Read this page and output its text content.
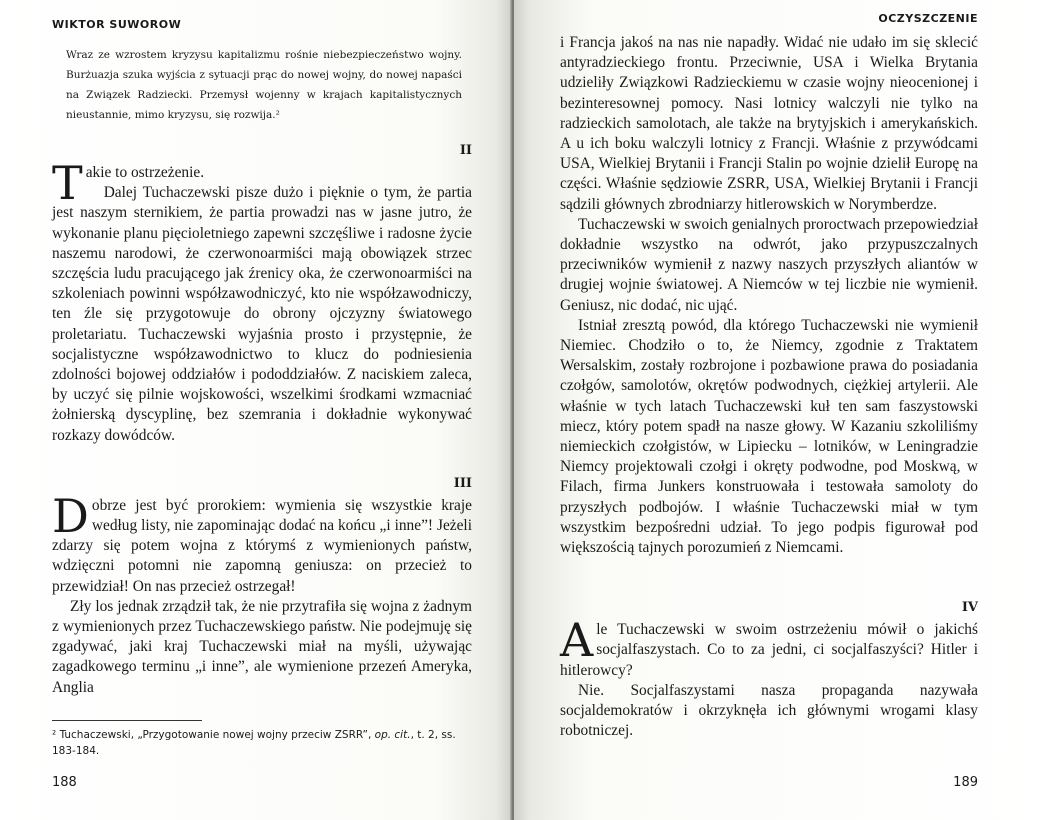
WIKTOR SUWOROW

Wraz ze wzrostem kryzysu kapitalizmu rośnie niebezpieczeństwo wojny. Burżuazja szuka wyjścia z sytuacji prąc do nowej wojny, do nowej napaści na Związek Radziecki. Przemysł wojenny w krajach kapitalistycznych nieustannie, mimo kryzysu, się rozwija.²

II

Takie to ostrzeżenie.

Dalej Tuchaczewski pisze dużo i pięknie o tym, że partia jest naszym sternikiem, że partia prowadzi nas w jasne jutro, że wykonanie planu pięcioletniego zapewni szczęśliwe i radosne życie naszemu narodowi, że czerwonoarmiści mają obowiązek strzec szczęścia ludu pracującego jak źrenicy oka, że czerwonoarmiści na szkoleniach powinni współzawodniczyć, kto nie współzawodniczy, ten źle się przygotowuje do obrony ojczyzny światowego proletariatu. Tuchaczewski wyjaśnia prosto i przystępnie, że socjalistyczne współzawodnictwo to klucz do podniesienia zdolności bojowej oddziałów i pododdziałów. Z naciskiem zaleca, by uczyć się pilnie wojskowości, wszelkimi środkami wzmacniać żołnierską dyscyplinę, bez szemrania i dokładnie wykonywać rozkazy dowódców.

III

Dobrze jest być prorokiem: wymienia się wszystkie kraje według listy, nie zapominając dodać na końcu „i inne”! Jeżeli zdarzy się potem wojna z którymś z wymienionych państw, wdzięczni potomni nie zapomną geniusza: on przecież to przewidział! On nas przecież ostrzegał!

Zły los jednak zrządził tak, że nie przytrafiła się wojna z żadnym z wymienionych przez Tuchaczewskiego państw. Nie podejmuję się zgadywać, jaki kraj Tuchaczewski miał na myśli, używając zagadkowego terminu „i inne”, ale wymienione przezeń Ameryka, Anglia

² Tuchaczewski, „Przygotowanie nowej wojny przeciw ZSRR”, op. cit., t. 2, ss. 183-184.

188
OCZYSZCZENIE

i Francja jakoś na nas nie napadły. Widać nie udało im się sklecić antyradzieckiego frontu. Przeciwnie, USA i Wielka Brytania udzieliły Związkowi Radzieckiemu w czasie wojny nieocenionej i bezinteresownej pomocy. Nasi lotnicy walczyli nie tylko na radzieckich samolotach, ale także na brytyjskich i amerykańskich. A u ich boku walczyli lotnicy z Francji. Właśnie z przywódcami USA, Wielkiej Brytanii i Francji Stalin po wojnie dzielił Europę na części. Właśnie sędziowie ZSRR, USA, Wielkiej Brytanii i Francji sądzili głównych zbrodniarzy hitlerowskich w Norymberdze.

Tuchaczewski w swoich genialnych proroctwach przepowiedział dokładnie wszystko na odwrót, jako przypuszczalnych przeciwników wymienił z nazwy naszych przyszłych aliantów w drugiej wojnie światowej. A Niemców w tej liczbie nie wymienił. Geniusz, nic dodać, nic ująć.

Istniał zresztą powód, dla którego Tuchaczewski nie wymienił Niemiec. Chodziło o to, że Niemcy, zgodnie z Traktatem Wersalskim, zostały rozbrojone i pozbawione prawa do posiadania czołgów, samolotów, okrętów podwodnych, ciężkiej artylerii. Ale właśnie w tych latach Tuchaczewski kuł ten sam faszystowski miecz, który potem spadł na nasze głowy. W Kazaniu szkoliliśmy niemieckich czołgistów, w Lipiecku – lotników, w Leningradzie Niemcy projektowali czołgi i okręty podwodne, pod Moskwą, w Filach, firma Junkers konstruowała i testowała samoloty do przyszłych podbojów. I właśnie Tuchaczewski miał w tym wszystkim bezpośredni udział. To jego podpis figurował pod większością tajnych porozumień z Niemcami.

IV

Ale Tuchaczewski w swoim ostrzeżeniu mówił o jakichś socjalfaszystach. Co to za jedni, ci socjalfaszyści? Hitler i hitlerowcy?

Nie. Socjalfaszystami nasza propaganda nazywała socjaldemokratów i okrzyknęła ich głównymi wrogami klasy robotniczej.

189
